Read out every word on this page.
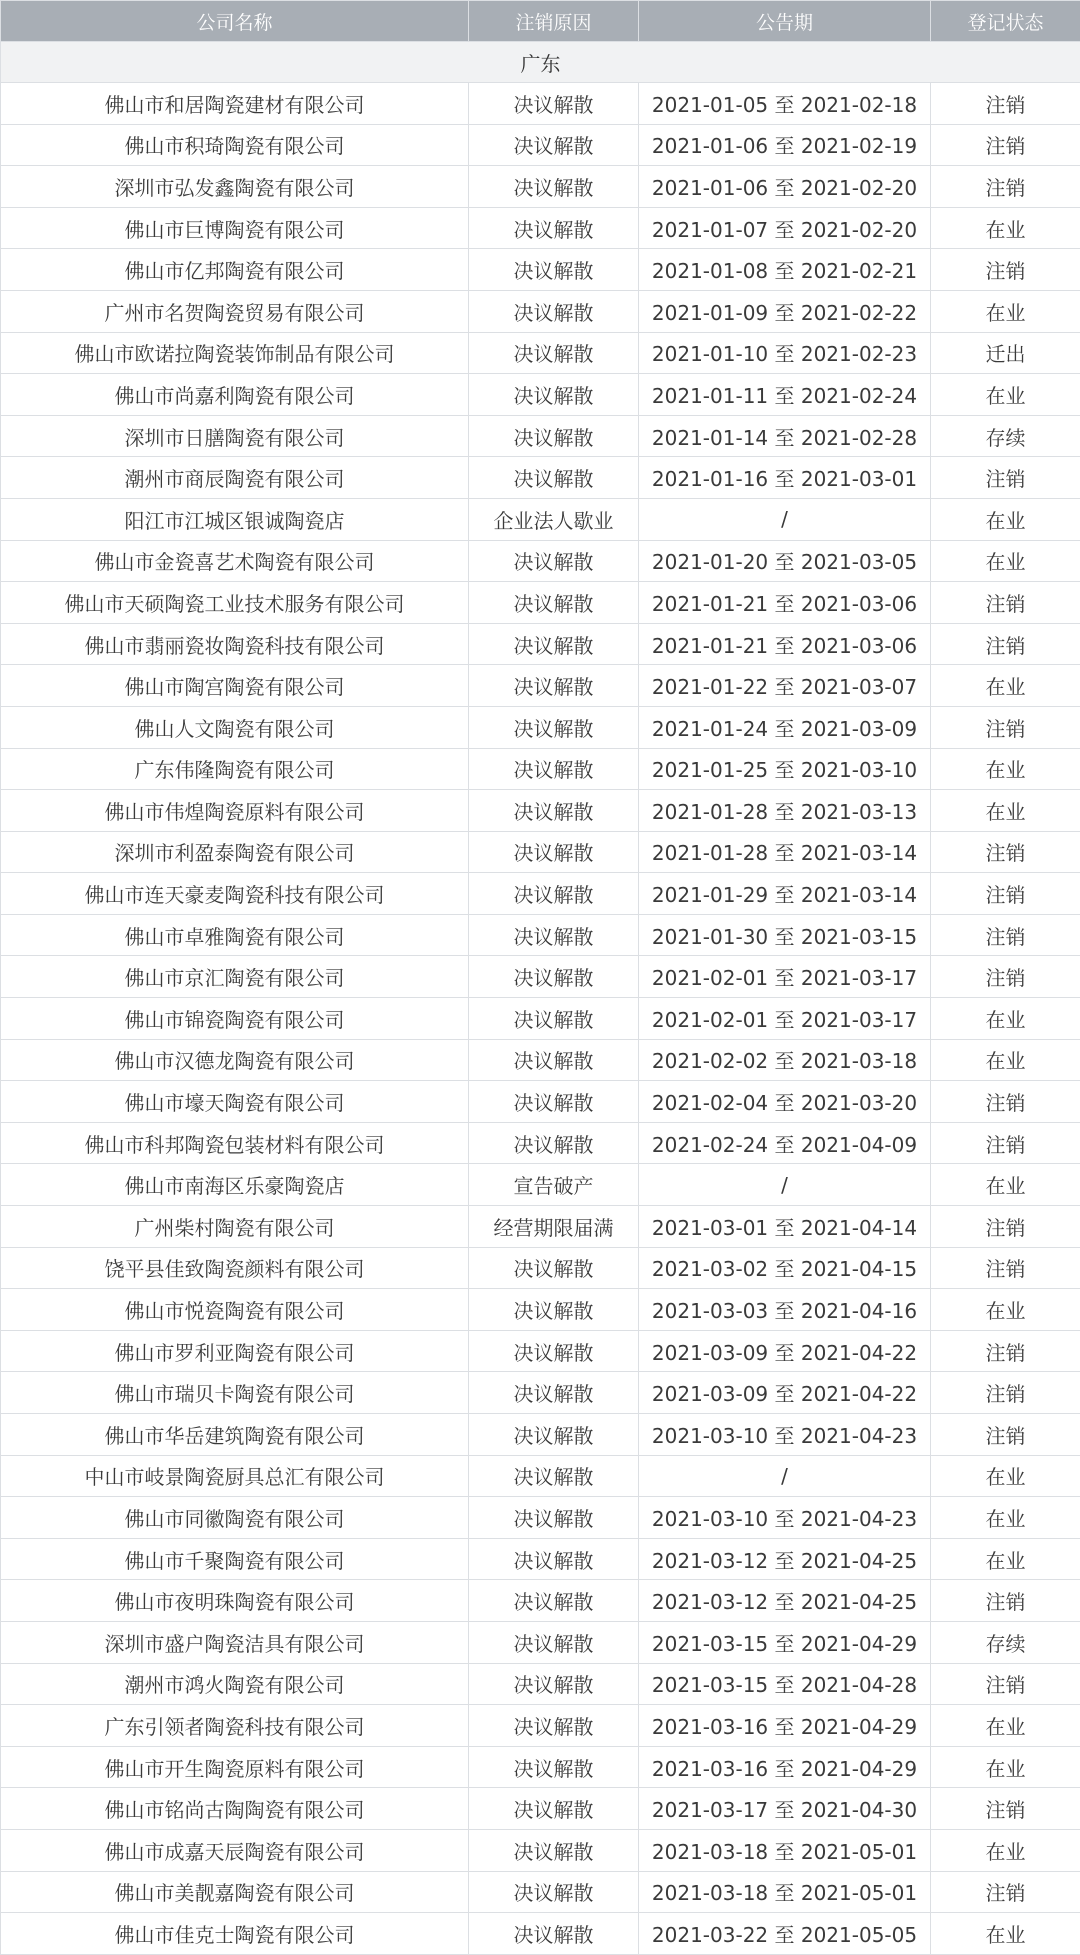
公司名称	注销原因	公告期	登记状态
广东			
佛山市和居陶瓷建材有限公司	决议解散	2021-01-05 至 2021-02-18	注销
佛山市积琦陶瓷有限公司	决议解散	2021-01-06 至 2021-02-19	注销
深圳市弘发鑫陶瓷有限公司	决议解散	2021-01-06 至 2021-02-20	注销
佛山市巨博陶瓷有限公司	决议解散	2021-01-07 至 2021-02-20	在业
佛山市亿邦陶瓷有限公司	决议解散	2021-01-08 至 2021-02-21	注销
广州市名贺陶瓷贸易有限公司	决议解散	2021-01-09 至 2021-02-22	在业
佛山市欧诺拉陶瓷装饰制品有限公司	决议解散	2021-01-10 至 2021-02-23	迁出
佛山市尚嘉利陶瓷有限公司	决议解散	2021-01-11 至 2021-02-24	在业
深圳市日膳陶瓷有限公司	决议解散	2021-01-14 至 2021-02-28	存续
潮州市商辰陶瓷有限公司	决议解散	2021-01-16 至 2021-03-01	注销
阳江市江城区银诚陶瓷店	企业法人歇业	/	在业
佛山市金瓷喜艺术陶瓷有限公司	决议解散	2021-01-20 至 2021-03-05	在业
佛山市天硕陶瓷工业技术服务有限公司	决议解散	2021-01-21 至 2021-03-06	注销
佛山市翡丽瓷妆陶瓷科技有限公司	决议解散	2021-01-21 至 2021-03-06	注销
佛山市陶宫陶瓷有限公司	决议解散	2021-01-22 至 2021-03-07	在业
佛山人文陶瓷有限公司	决议解散	2021-01-24 至 2021-03-09	注销
广东伟隆陶瓷有限公司	决议解散	2021-01-25 至 2021-03-10	在业
佛山市伟煌陶瓷原料有限公司	决议解散	2021-01-28 至 2021-03-13	在业
深圳市利盈泰陶瓷有限公司	决议解散	2021-01-28 至 2021-03-14	注销
佛山市连天豪麦陶瓷科技有限公司	决议解散	2021-01-29 至 2021-03-14	注销
佛山市卓雅陶瓷有限公司	决议解散	2021-01-30 至 2021-03-15	注销
佛山市京汇陶瓷有限公司	决议解散	2021-02-01 至 2021-03-17	注销
佛山市锦瓷陶瓷有限公司	决议解散	2021-02-01 至 2021-03-17	在业
佛山市汉德龙陶瓷有限公司	决议解散	2021-02-02 至 2021-03-18	在业
佛山市壕天陶瓷有限公司	决议解散	2021-02-04 至 2021-03-20	注销
佛山市科邦陶瓷包装材料有限公司	决议解散	2021-02-24 至 2021-04-09	注销
佛山市南海区乐豪陶瓷店	宣告破产	/	在业
广州柴村陶瓷有限公司	经营期限届满	2021-03-01 至 2021-04-14	注销
饶平县佳致陶瓷颜料有限公司	决议解散	2021-03-02 至 2021-04-15	注销
佛山市悦瓷陶瓷有限公司	决议解散	2021-03-03 至 2021-04-16	在业
佛山市罗利亚陶瓷有限公司	决议解散	2021-03-09 至 2021-04-22	注销
佛山市瑞贝卡陶瓷有限公司	决议解散	2021-03-09 至 2021-04-22	注销
佛山市华岳建筑陶瓷有限公司	决议解散	2021-03-10 至 2021-04-23	注销
中山市岐景陶瓷厨具总汇有限公司	决议解散	/	在业
佛山市同徽陶瓷有限公司	决议解散	2021-03-10 至 2021-04-23	在业
佛山市千聚陶瓷有限公司	决议解散	2021-03-12 至 2021-04-25	在业
佛山市夜明珠陶瓷有限公司	决议解散	2021-03-12 至 2021-04-25	注销
深圳市盛户陶瓷洁具有限公司	决议解散	2021-03-15 至 2021-04-29	存续
潮州市鸿火陶瓷有限公司	决议解散	2021-03-15 至 2021-04-28	注销
广东引领者陶瓷科技有限公司	决议解散	2021-03-16 至 2021-04-29	在业
佛山市开生陶瓷原料有限公司	决议解散	2021-03-16 至 2021-04-29	在业
佛山市铭尚古陶陶瓷有限公司	决议解散	2021-03-17 至 2021-04-30	注销
佛山市成嘉天辰陶瓷有限公司	决议解散	2021-03-18 至 2021-05-01	在业
佛山市美靓嘉陶瓷有限公司	决议解散	2021-03-18 至 2021-05-01	注销
佛山市佳克士陶瓷有限公司	决议解散	2021-03-22 至 2021-05-05	在业
